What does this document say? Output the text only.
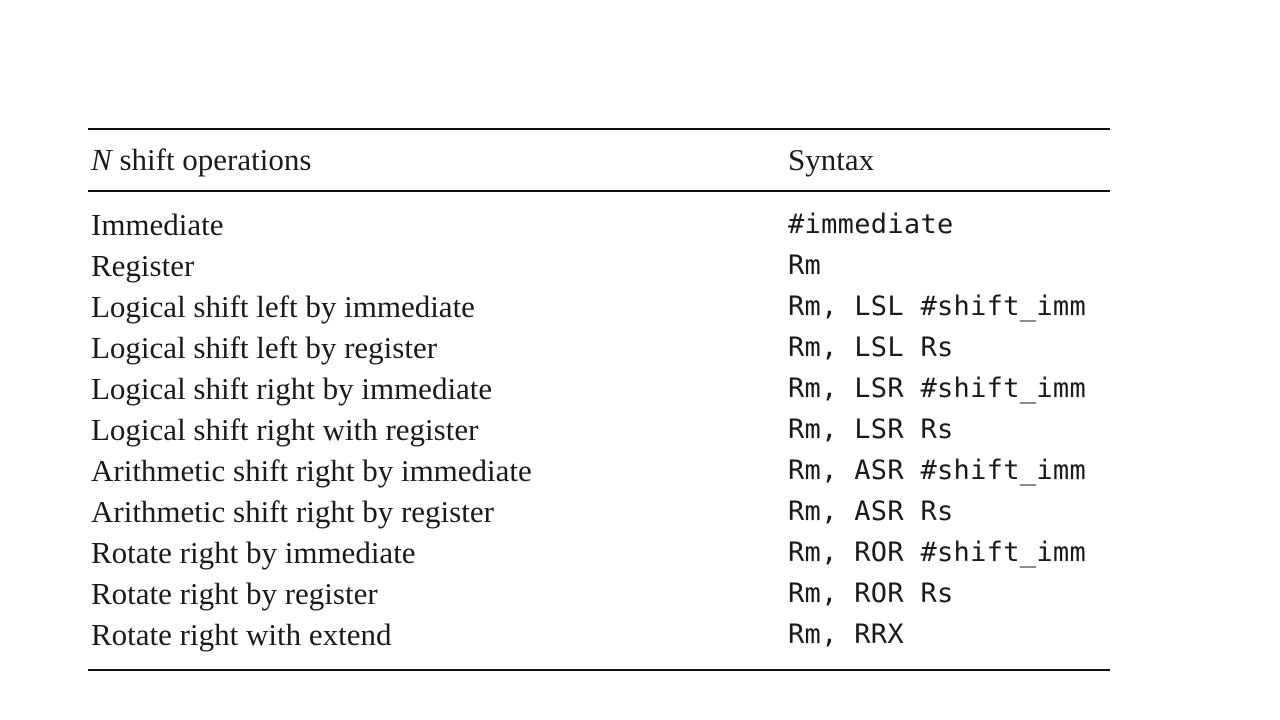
N shift operations	Syntax
Immediate	#immediate
Register	Rm
Logical shift left by immediate	Rm, LSL #shift_imm
Logical shift left by register	Rm, LSL Rs
Logical shift right by immediate	Rm, LSR #shift_imm
Logical shift right with register	Rm, LSR Rs
Arithmetic shift right by immediate	Rm, ASR #shift_imm
Arithmetic shift right by register	Rm, ASR Rs
Rotate right by immediate	Rm, ROR #shift_imm
Rotate right by register	Rm, ROR Rs
Rotate right with extend	Rm, RRX
